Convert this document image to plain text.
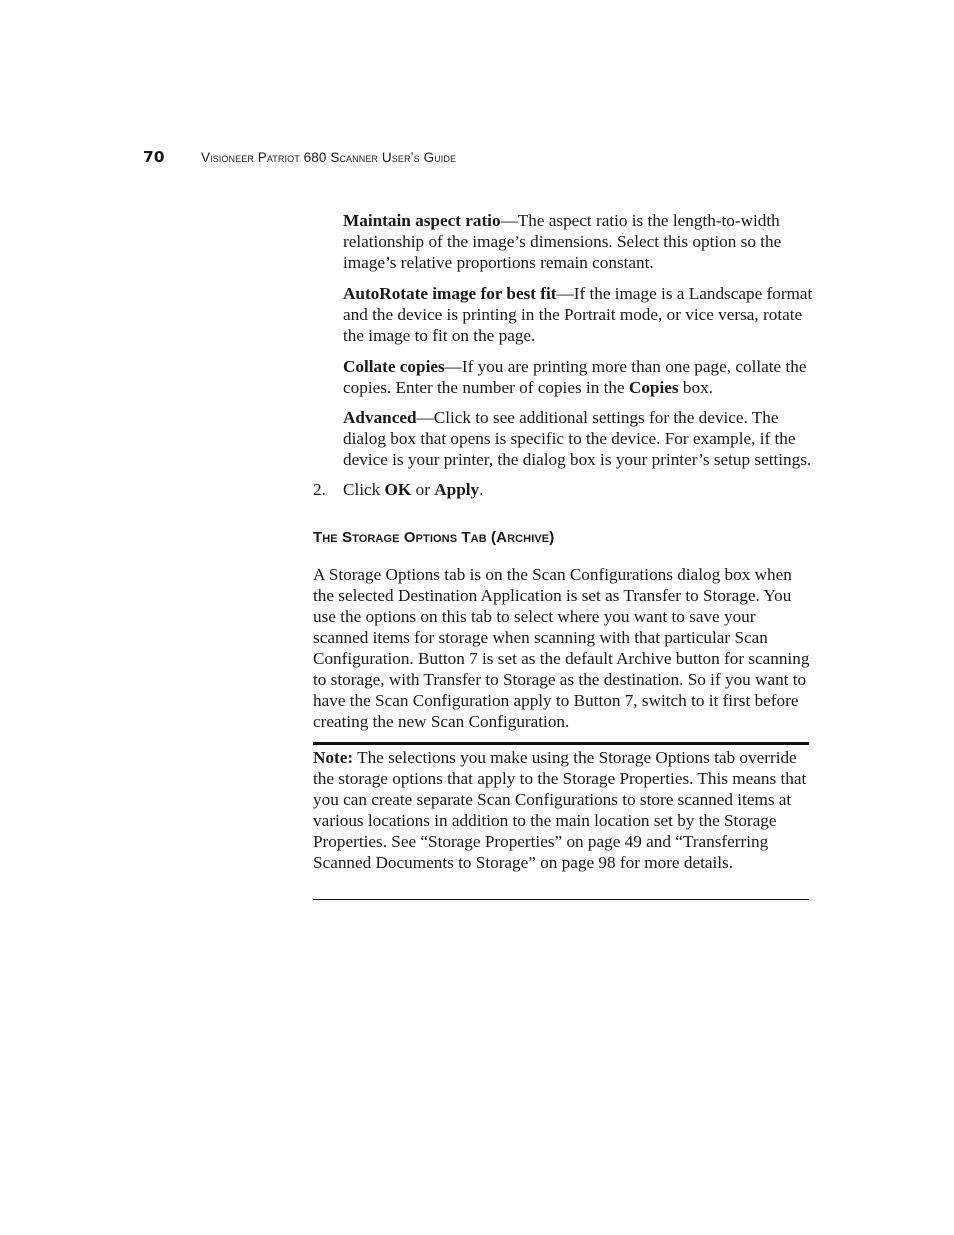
70	Visioneer Patriot 680 Scanner User’s Guide

Maintain aspect ratio—The aspect ratio is the length-to-width relationship of the image’s dimensions. Select this option so the image’s relative proportions remain constant.

AutoRotate image for best fit—If the image is a Landscape format and the device is printing in the Portrait mode, or vice versa, rotate the image to fit on the page.

Collate copies—If you are printing more than one page, collate the copies. Enter the number of copies in the Copies box.

Advanced—Click to see additional settings for the device. The dialog box that opens is specific to the device. For example, if the device is your printer, the dialog box is your printer’s setup settings.

2. Click OK or Apply.
The Storage Options Tab (Archive)

A Storage Options tab is on the Scan Configurations dialog box when the selected Destination Application is set as Transfer to Storage. You use the options on this tab to select where you want to save your scanned items for storage when scanning with that particular Scan Configuration. Button 7 is set as the default Archive button for scanning to storage, with Transfer to Storage as the destination. So if you want to have the Scan Configuration apply to Button 7, switch to it first before creating the new Scan Configuration.

Note: The selections you make using the Storage Options tab override the storage options that apply to the Storage Properties. This means that you can create separate Scan Configurations to store scanned items at various locations in addition to the main location set by the Storage Properties. See “Storage Properties” on page 49 and “Transferring Scanned Documents to Storage” on page 98 for more details.
